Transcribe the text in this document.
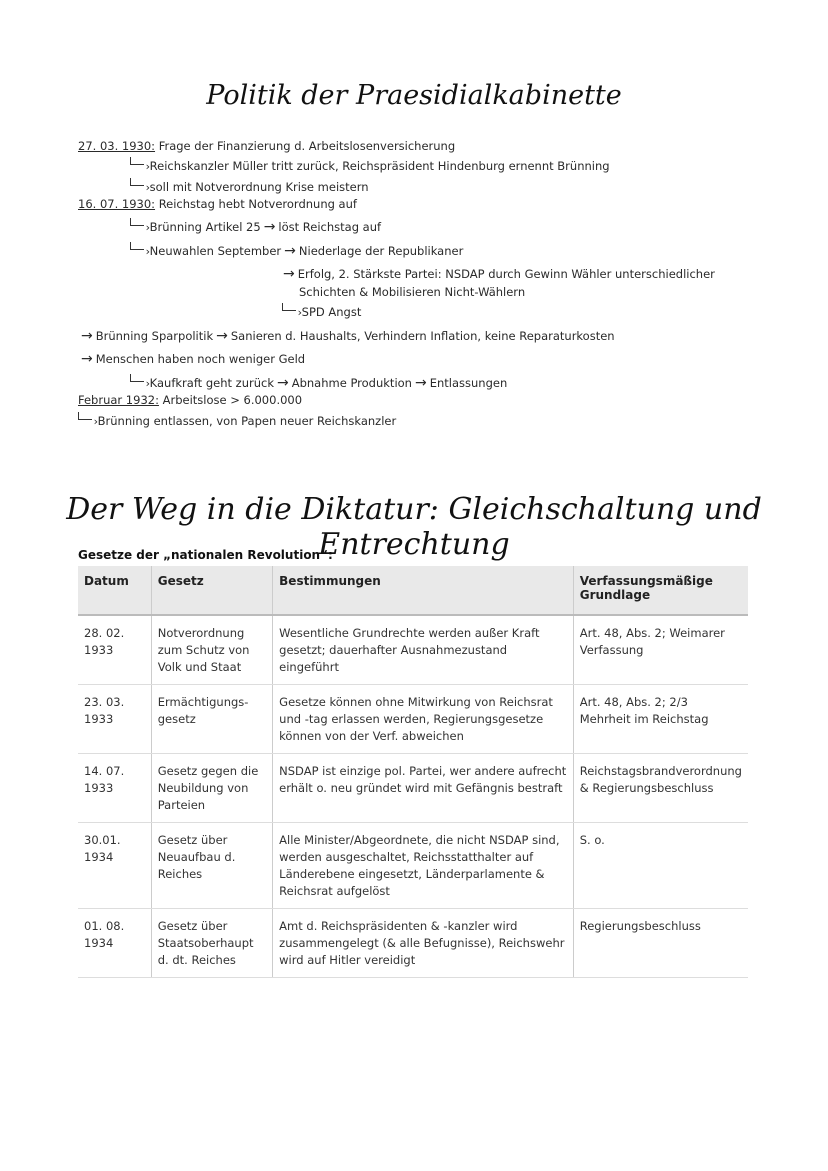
Politik der Praesidialkabinette
27. 03. 1930: Frage der Finanzierung d. Arbeitslosenversicherung
› Reichskanzler Müller tritt zurück, Reichspräsident Hindenburg ernennt Brünning
› soll mit Notverordnung Krise meistern
16. 07. 1930: Reichstag hebt Notverordnung auf
› Brünning Artikel 25 → löst Reichstag auf
› Neuwahlen September → Niederlage der Republikaner
→ Erfolg, 2. Stärkste Partei: NSDAP durch Gewinn Wähler unterschiedlicher
Schichten & Mobilisieren Nicht-Wählern
› SPD Angst
→ Brünning Sparpolitik → Sanieren d. Haushalts, Verhindern Inflation, keine Reparaturkosten
→ Menschen haben noch weniger Geld
› Kaufkraft geht zurück → Abnahme Produktion → Entlassungen
Februar 1932: Arbeitslose > 6.000.000
› Brünning entlassen, von Papen neuer Reichskanzler
Der Weg in die Diktatur: Gleichschaltung und Entrechtung
Gesetze der „nationalen Revolution“:
Datum	Gesetz	Bestimmungen	Verfassungsmäßige Grundlage
28. 02. 1933	Notverordnung zum Schutz von Volk und Staat	Wesentliche Grundrechte werden außer Kraft gesetzt; dauerhafter Ausnahmezustand eingeführt	Art. 48, Abs. 2; Weimarer Verfassung
23. 03. 1933	Ermächtigungs-gesetz	Gesetze können ohne Mitwirkung von Reichsrat und -tag erlassen werden, Regierungsgesetze können von der Verf. abweichen	Art. 48, Abs. 2; 2/3 Mehrheit im Reichstag
14. 07. 1933	Gesetz gegen die Neubildung von Parteien	NSDAP ist einzige pol. Partei, wer andere aufrecht erhält o. neu gründet wird mit Gefängnis bestraft	Reichstagsbrandverordnung & Regierungsbeschluss
30.01. 1934	Gesetz über Neuaufbau d. Reiches	Alle Minister/Abgeordnete, die nicht NSDAP sind, werden ausgeschaltet, Reichsstatthalter auf Länderebene eingesetzt, Länderparlamente & Reichsrat aufgelöst	S. o.
01. 08. 1934	Gesetz über Staatsoberhaupt d. dt. Reiches	Amt d. Reichspräsidenten & -kanzler wird zusammengelegt (& alle Befugnisse), Reichswehr wird auf Hitler vereidigt	Regierungsbeschluss
